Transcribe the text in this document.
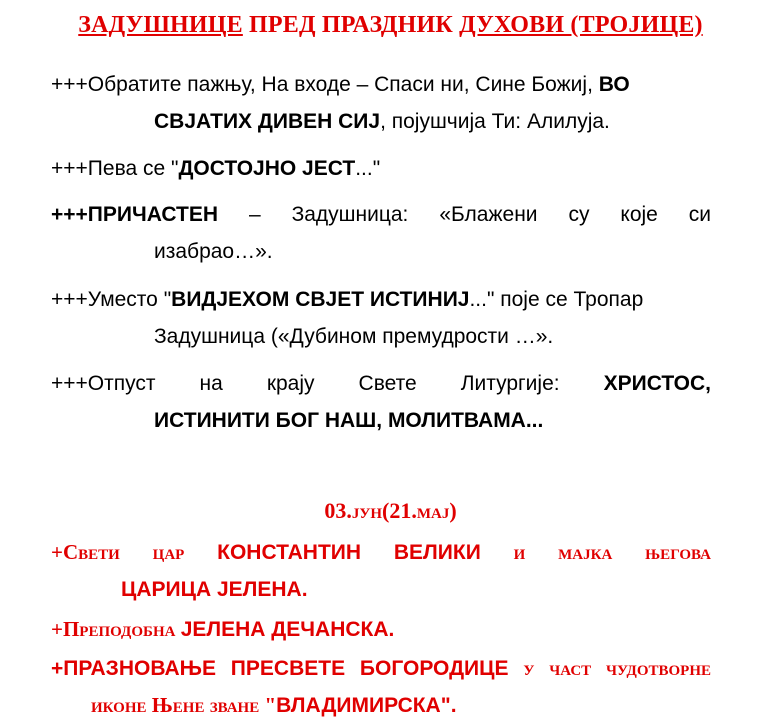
ЗАДУШНИЦЕ ПРЕД ПРАЗДНИК ДУХОВИ (ТРОЈИЦЕ)
+++Обратите пажњу, На входе – Спаси ни, Сине Божиј, ВО
СВЈАТИХ ДИВЕН СИЈ, појушчија Ти: Алилуја.
+++Пева се "ДОСТОЈНО ЈЕСТ..."
+++ПРИЧАСТЕН – Задушница: «Блажени су које си
изабрао…».
+++Уместо "ВИДЈЕХОМ СВЈЕТ ИСТИНИЈ..." поје се Тропар
Задушница («Дубином премудрости …».
+++Отпуст на крају Свете Литургије: ХРИСТОС,
ИСТИНИТИ БОГ НАШ, МОЛИТВАМА...
03.јун(21.мај)
+Свети цар КОНСТАНТИН ВЕЛИКИ и мајка његова
ЦАРИЦА ЈЕЛЕНА.
+Преподобна ЈЕЛЕНА ДЕЧАНСКА.
+ПРАЗНОВАЊЕ ПРЕСВЕТЕ БОГОРОДИЦЕ у част чудотворне
иконе Њене зване "ВЛАДИМИРСКА".
